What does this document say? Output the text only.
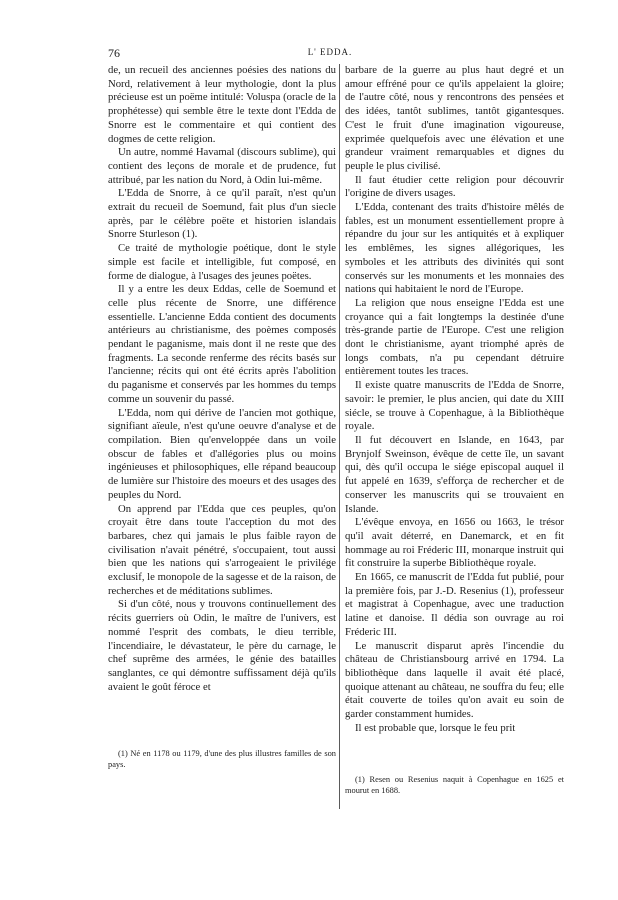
76	L' EDDA.

de, un recueil des anciennes poésies des nations du Nord, relativement à leur mythologie, dont la plus précieuse est un poëme intitulé: Voluspa (oracle de la prophétesse) qui semble être le texte dont l'Edda de Snorre est le commentaire et qui contient des dogmes de cette religion.

Un autre, nommé Havamal (discours sublime), qui contient des leçons de morale et de prudence, fut attribué, par les nation du Nord, à Odin lui-même.

L'Edda de Snorre, à ce qu'il paraît, n'est qu'un extrait du recueil de Soemund, fait plus d'un siecle après, par le célèbre poëte et historien islandais Snorre Sturleson (1).

Ce traité de mythologie poétique, dont le style simple est facile et intelligible, fut composé, en forme de dialogue, à l'usages des jeunes poëtes.

Il y a entre les deux Eddas, celle de Soemund et celle plus récente de Snorre, une différence essentielle. L'ancienne Edda contient des documents antérieurs au christianisme, des poèmes composés pendant le paganisme, mais dont il ne reste que des fragments. La seconde renferme des récits basés sur l'ancienne; récits qui ont été écrits après l'abolition du paganisme et conservés par les hommes du temps comme un souvenir du passé.

L'Edda, nom qui dérive de l'ancien mot gothique, signifiant aïeule, n'est qu'une oeuvre d'analyse et de compilation. Bien qu'enveloppée dans un voile obscur de fables et d'allégories plus ou moins ingénieuses et philosophiques, elle répand beaucoup de lumière sur l'histoire des moeurs et des usages des peuples du Nord.

On apprend par l'Edda que ces peuples, qu'on croyait être dans toute l'acception du mot des barbares, chez qui jamais le plus faible rayon de civilisation n'avait pénétré, s'occupaient, tout aussi bien que les nations qui s'arrogeaient le privilége exclusif, le monopole de la sagesse et de la raison, de recherches et de méditations sublimes.

Si d'un côté, nous y trouvons continuellement des récits guerriers où Odin, le maître de l'univers, est nommé l'esprit des combats, le dieu terrible, l'incendiaire, le dévastateur, le père du carnage, le chef suprême des armées, le génie des batailles sanglantes, ce qui démontre suffissament déjà qu'ils avaient le goût féroce et

barbare de la guerre au plus haut degré et un amour effréné pour ce qu'ils appelaient la gloire; de l'autre côté, nous y rencontrons des pensées et des idées, tantôt sublimes, tantôt gigantesques. C'est le fruit d'une imagination vigoureuse, exprimée quelquefois avec une élévation et une grandeur vraiment remarquables et dignes du peuple le plus civilisé.

Il faut étudier cette religion pour découvrir l'origine de divers usages.

L'Edda, contenant des traits d'histoire mêlés de fables, est un monument essentiellement propre à répandre du jour sur les antiquités et à expliquer les emblêmes, les signes allégoriques, les symboles et les attributs des divinités qui sont conservés sur les monuments et les monnaies des nations qui habitaient le nord de l'Europe.

La religion que nous enseigne l'Edda est une croyance qui a fait longtemps la destinée d'une très-grande partie de l'Europe. C'est une religion dont le christianisme, ayant triomphé après de longs combats, n'a pu cependant détruire entièrement toutes les traces.

Il existe quatre manuscrits de l'Edda de Snorre, savoir: le premier, le plus ancien, qui date du XIII siécle, se trouve à Copenhague, à la Bibliothèque royale.

Il fut découvert en Islande, en 1643, par Brynjolf Sweinson, évêque de cette île, un savant qui, dès qu'il occupa le siége episcopal auquel il fut appelé en 1639, s'efforça de rechercher et de conserver les manuscrits qui se trouvaient en Islande.

L'évêque envoya, en 1656 ou 1663, le trésor qu'il avait déterré, en Danemarck, et en fit hommage au roi Fréderic III, monarque instruit qui fit construire la superbe Bibliothèque royale.

En 1665, ce manuscrit de l'Edda fut publié, pour la première fois, par J.-D. Resenius (1), professeur et magistrat à Copenhague, avec une traduction latine et danoise. Il dédia son ouvrage au roi Fréderic III.

Le manuscrit disparut après l'incendie du château de Christiansbourg arrivé en 1794. La bibliothèque dans laquelle il avait été placé, quoique attenant au château, ne souffra du feu; elle était couverte de toiles qu'on avait eu soin de garder constamment humides.

Il est probable que, lorsque le feu prit

(1) Né en 1178 ou 1179, d'une des plus illustres familles de son pays.

(1) Resen ou Resenius naquit à Copenhague en 1625 et mourut en 1688.
